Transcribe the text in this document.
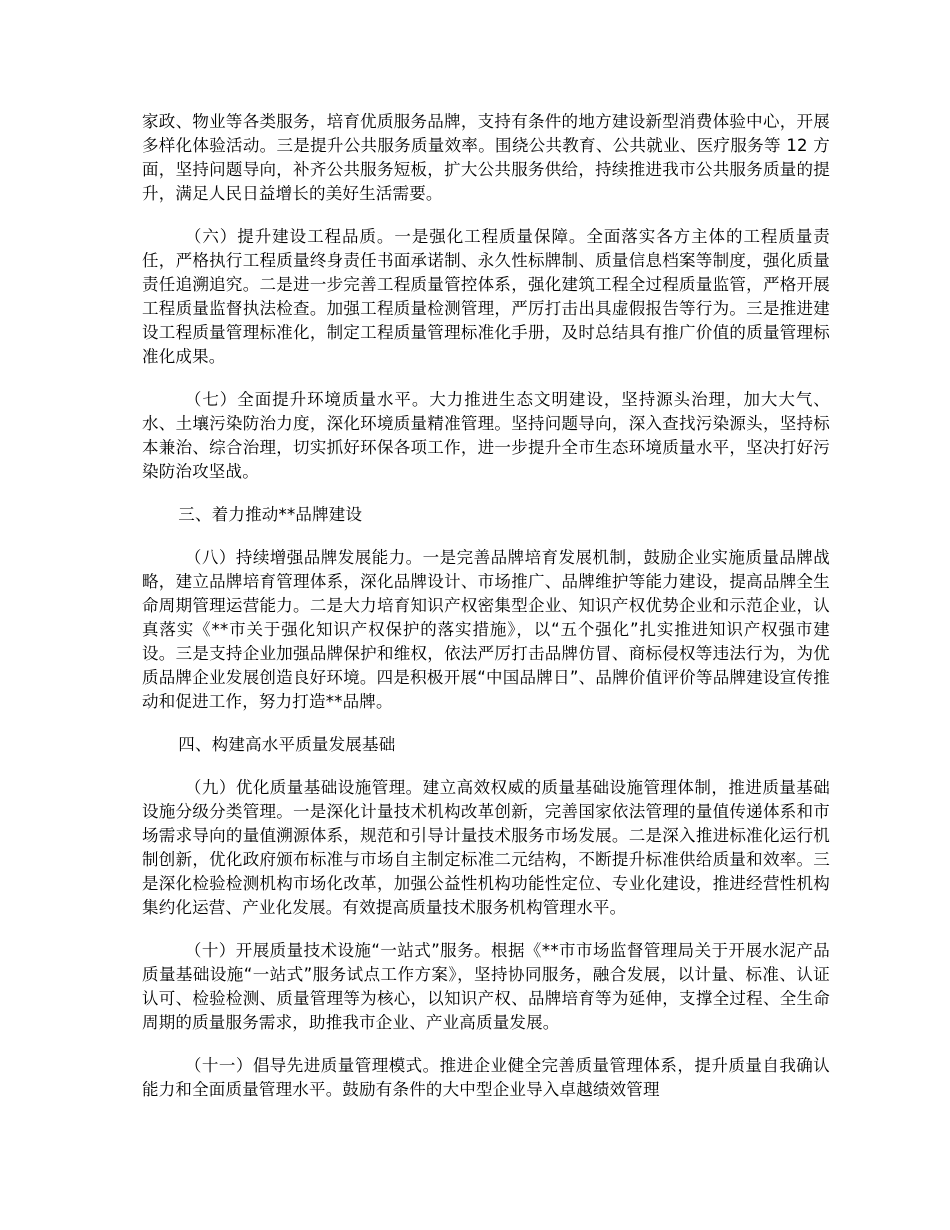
家政、物业等各类服务，培育优质服务品牌，支持有条件的地方建设新型消费体验中心，开展多样化体验活动。三是提升公共服务质量效率。围绕公共教育、公共就业、医疗服务等 12 方面，坚持问题导向，补齐公共服务短板，扩大公共服务供给，持续推进我市公共服务质量的提升，满足人民日益增长的美好生活需要。

（六）提升建设工程品质。一是强化工程质量保障。全面落实各方主体的工程质量责任，严格执行工程质量终身责任书面承诺制、永久性标牌制、质量信息档案等制度，强化质量责任追溯追究。二是进一步完善工程质量管控体系，强化建筑工程全过程质量监管，严格开展工程质量监督执法检查。加强工程质量检测管理，严厉打击出具虚假报告等行为。三是推进建设工程质量管理标准化，制定工程质量管理标准化手册，及时总结具有推广价值的质量管理标准化成果。

（七）全面提升环境质量水平。大力推进生态文明建设，坚持源头治理，加大大气、水、土壤污染防治力度，深化环境质量精准管理。坚持问题导向，深入查找污染源头，坚持标本兼治、综合治理，切实抓好环保各项工作，进一步提升全市生态环境质量水平，坚决打好污染防治攻坚战。

三、着力推动**品牌建设

（八）持续增强品牌发展能力。一是完善品牌培育发展机制，鼓励企业实施质量品牌战略，建立品牌培育管理体系，深化品牌设计、市场推广、品牌维护等能力建设，提高品牌全生命周期管理运营能力。二是大力培育知识产权密集型企业、知识产权优势企业和示范企业，认真落实《**市关于强化知识产权保护的落实措施》，以“五个强化”扎实推进知识产权强市建设。三是支持企业加强品牌保护和维权，依法严厉打击品牌仿冒、商标侵权等违法行为，为优质品牌企业发展创造良好环境。四是积极开展“中国品牌日”、品牌价值评价等品牌建设宣传推动和促进工作，努力打造**品牌。

四、构建高水平质量发展基础

（九）优化质量基础设施管理。建立高效权威的质量基础设施管理体制，推进质量基础设施分级分类管理。一是深化计量技术机构改革创新，完善国家依法管理的量值传递体系和市场需求导向的量值溯源体系，规范和引导计量技术服务市场发展。二是深入推进标准化运行机制创新，优化政府颁布标准与市场自主制定标准二元结构，不断提升标准供给质量和效率。三是深化检验检测机构市场化改革，加强公益性机构功能性定位、专业化建设，推进经营性机构集约化运营、产业化发展。有效提高质量技术服务机构管理水平。

（十）开展质量技术设施“一站式”服务。根据《**市市场监督管理局关于开展水泥产品质量基础设施“一站式”服务试点工作方案》，坚持协同服务，融合发展，以计量、标准、认证认可、检验检测、质量管理等为核心，以知识产权、品牌培育等为延伸，支撑全过程、全生命周期的质量服务需求，助推我市企业、产业高质量发展。

（十一）倡导先进质量管理模式。推进企业健全完善质量管理体系，提升质量自我确认能力和全面质量管理水平。鼓励有条件的大中型企业导入卓越绩效管理
